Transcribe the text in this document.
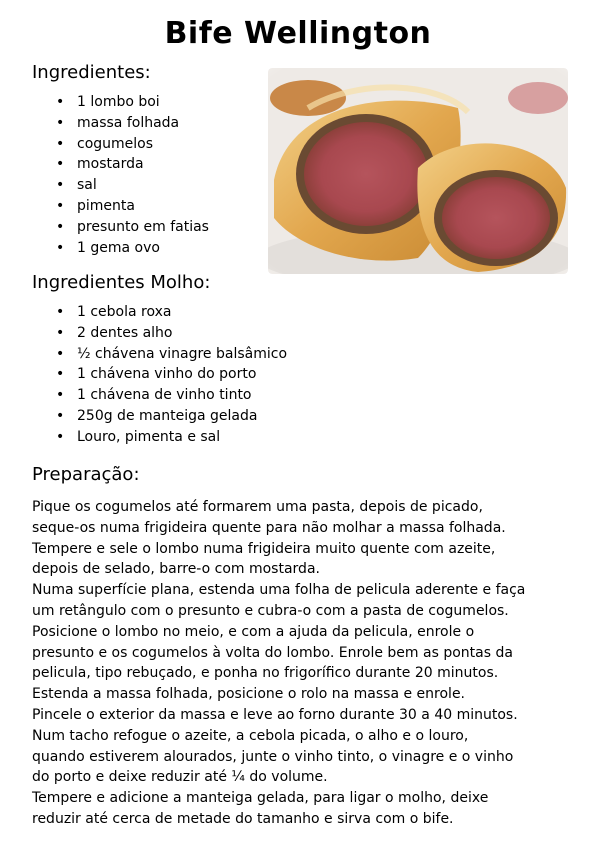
Bife Wellington
Ingredientes:
• 1 lombo boi
• massa folhada
• cogumelos
• mostarda
• sal
• pimenta
• presunto em fatias
• 1 gema ovo
Ingredientes Molho:
• 1 cebola roxa
• 2 dentes alho
• ½ chávena vinagre balsâmico
• 1 chávena vinho do porto
• 1 chávena de vinho tinto
• 250g de manteiga gelada
• Louro, pimenta e sal
Preparação:

Pique os cogumelos até formarem uma pasta, depois de picado,

seque-os numa frigideira quente para não molhar a massa folhada.

Tempere e sele o lombo numa frigideira muito quente com azeite,

depois de selado, barre-o com mostarda.

Numa superfície plana, estenda uma folha de pelicula aderente e faça

um retângulo com o presunto e cubra-o com a pasta de cogumelos.

Posicione o lombo no meio, e com a ajuda da pelicula, enrole o

presunto e os cogumelos à volta do lombo. Enrole bem as pontas da

pelicula, tipo rebuçado, e ponha no frigorífico durante 20 minutos.

Estenda a massa folhada, posicione o rolo na massa e enrole.

Pincele o exterior da massa e leve ao forno durante 30 a 40 minutos.

Num tacho refogue o azeite, a cebola picada, o alho e o louro,

quando estiverem alourados, junte o vinho tinto, o vinagre e o vinho

do porto e deixe reduzir até ¼ do volume.

Tempere e adicione a manteiga gelada, para ligar o molho, deixe

reduzir até cerca de metade do tamanho e sirva com o bife.
